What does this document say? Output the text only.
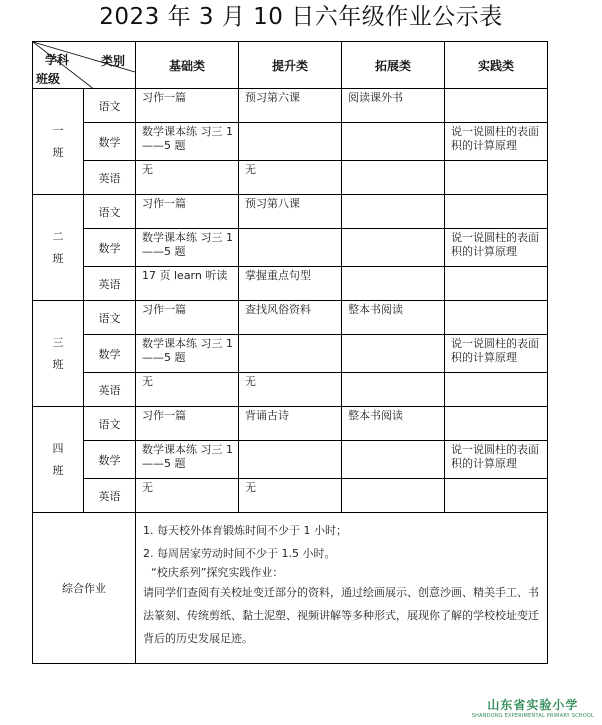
2023 年 3 月 10 日六年级作业公示表
学科 类别
班级		基础类	提升类	拓展类	实践类
一
班	语文	习作一篇	预习第六课	阅读课外书	
	数学	数学课本练 习三 1——5 题			说一说圆柱的表面积的计算原理
	英语	无	无		
二
班	语文	习作一篇	预习第八课		
	数学	数学课本练 习三 1——5 题			说一说圆柱的表面积的计算原理
	英语	17 页 learn 听读	掌握重点句型		
三
班	语文	习作一篇	查找风俗资料	整本书阅读	
	数学	数学课本练 习三 1——5 题			说一说圆柱的表面积的计算原理
	英语	无	无		
四
班	语文	习作一篇	背诵古诗	整本书阅读	
	数学	数学课本练 习三 1——5 题			说一说圆柱的表面积的计算原理
	英语	无	无		
综合作业		1. 每天校外体育锻炼时间不少于 1 小时；
2. 每周居家劳动时间不少于 1.5 小时。
“校庆系列”探究实践作业：
请同学们查阅有关校址变迁部分的资料，通过绘画展示、创意沙画、精美手工、书法篆刻、传统剪纸、黏土泥塑、视频讲解等多种形式，展现你了解的学校校址变迁背后的历史发展足迹。			
山东省实验小学
SHANDONG EXPERIMENTAL PRIMARY SCHOOL
